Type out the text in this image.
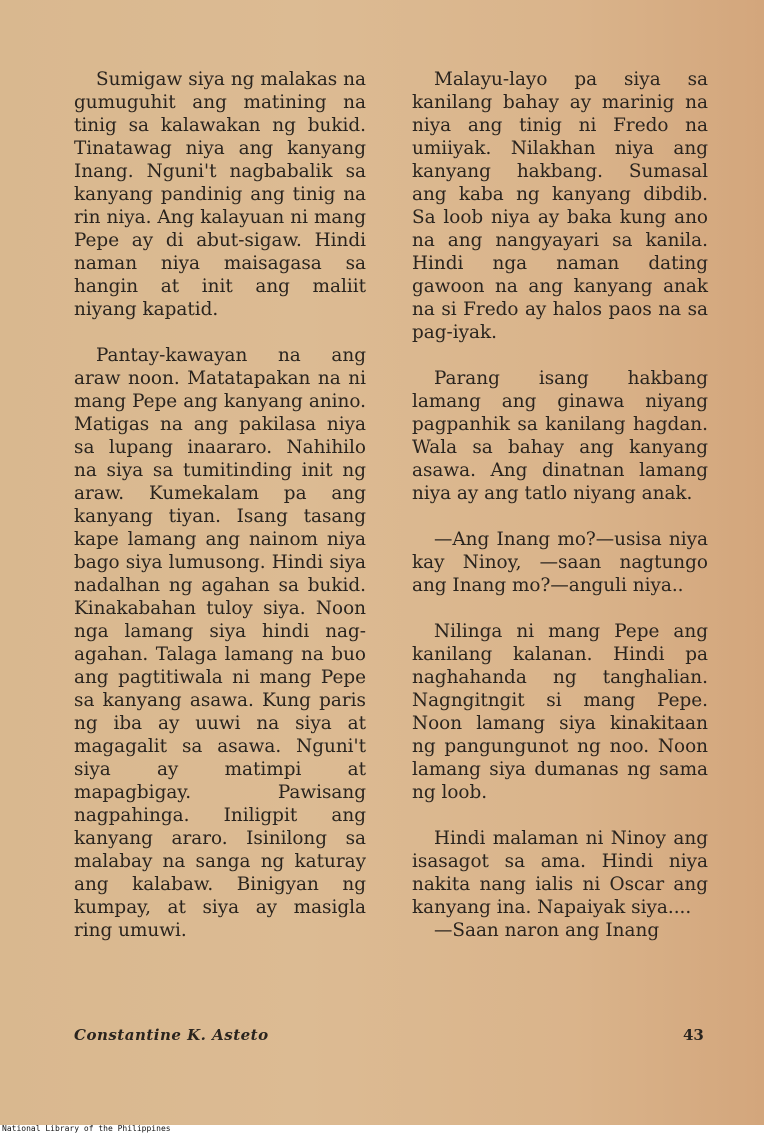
Sumigaw siya ng malakas na gumuguhit ang matining na tinig sa kalawakan ng bukid. Tinatawag niya ang kanyang Inang. Nguni't nagbabalik sa kanyang pandinig ang tinig na rin niya. Ang kalayuan ni mang Pepe ay di abut-sigaw. Hindi naman niya maisagasa sa hangin at init ang maliit niyang kapatid.

Pantay-kawayan na ang araw noon. Matatapakan na ni mang Pepe ang kanyang anino. Matigas na ang pakilasa niya sa lupang inaararo. Nahihilo na siya sa tumitinding init ng araw. Kumekalam pa ang kanyang tiyan. Isang tasang kape lamang ang nainom niya bago siya lumusong. Hindi siya nadalhan ng agahan sa bukid. Kinakabahan tuloy siya. Noon nga lamang siya hindi nag-agahan. Talaga lamang na buo ang pagtitiwala ni mang Pepe sa kanyang asawa. Kung paris ng iba ay uuwi na siya at magagalit sa asawa. Nguni't siya ay matimpi at mapagbigay. Pawisang nagpahinga. Iniligpit ang kanyang araro. Isinilong sa malabay na sanga ng katuray ang kalabaw. Binigyan ng kumpay, at siya ay masigla ring umuwi.

Malayu-layo pa siya sa kanilang bahay ay marinig na niya ang tinig ni Fredo na umiiyak. Nilakhan niya ang kanyang hakbang. Sumasal ang kaba ng kanyang dibdib. Sa loob niya ay baka kung ano na ang nangyayari sa kanila. Hindi nga naman dating gawoon na ang kanyang anak na si Fredo ay halos paos na sa pag-iyak.

Parang isang hakbang lamang ang ginawa niyang pagpanhik sa kanilang hagdan. Wala sa bahay ang kanyang asawa. Ang dinatnan lamang niya ay ang tatlo niyang anak.

—Ang Inang mo?—usisa niya kay Ninoy, —saan nagtungo ang Inang mo?—anguli niya..

Nilinga ni mang Pepe ang kanilang kalanan. Hindi pa naghahanda ng tanghalian. Nagngitngit si mang Pepe. Noon lamang siya kinakitaan ng pangungunot ng noo. Noon lamang siya dumanas ng sama ng loob.

Hindi malaman ni Ninoy ang isasagot sa ama. Hindi niya nakita nang ialis ni Oscar ang kanyang ina. Napaiyak siya....

—Saan naron ang Inang

Constantine K. Asteto	43
National Library of the Philippines
